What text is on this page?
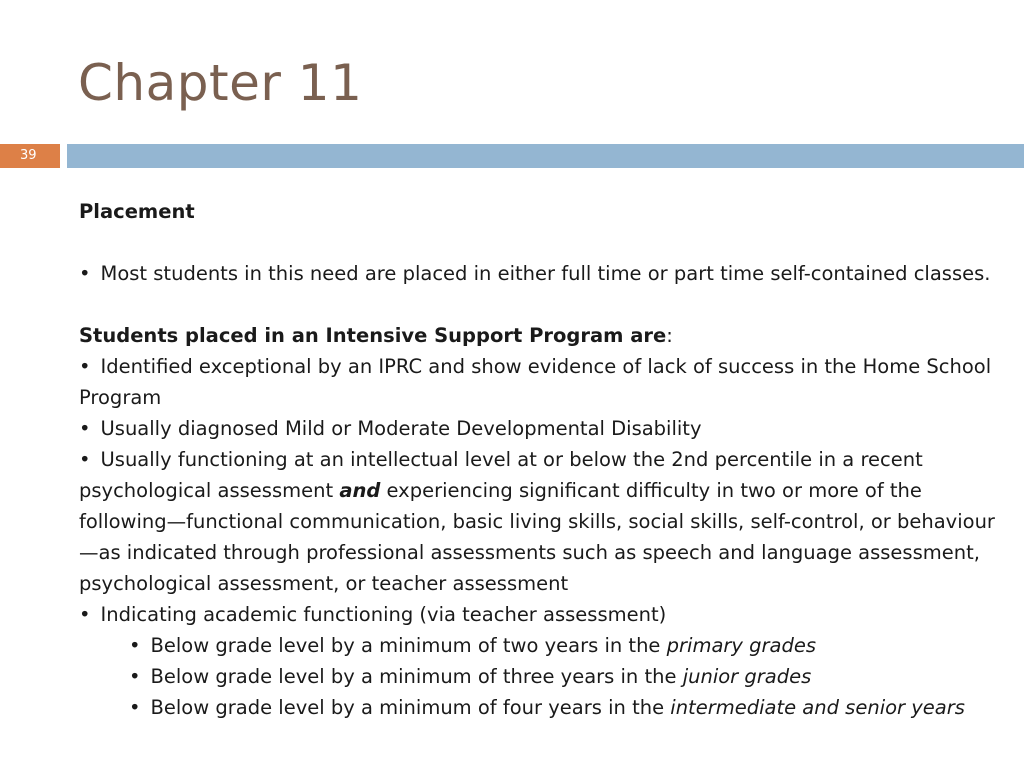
Chapter 11
39

Placement

• Most students in this need are placed in either full time or part time self-contained classes.

Students placed in an Intensive Support Program are:

• Identified exceptional by an IPRC and show evidence of lack of success in the Home School Program

• Usually diagnosed Mild or Moderate Developmental Disability

• Usually functioning at an intellectual level at or below the 2nd percentile in a recent psychological assessment and experiencing significant difficulty in two or more of the following—functional communication, basic living skills, social skills, self-control, or behaviour—as indicated through professional assessments such as speech and language assessment, psychological assessment, or teacher assessment

• Indicating academic functioning (via teacher assessment)

• Below grade level by a minimum of two years in the primary grades

• Below grade level by a minimum of three years in the junior grades

• Below grade level by a minimum of four years in the intermediate and senior years
